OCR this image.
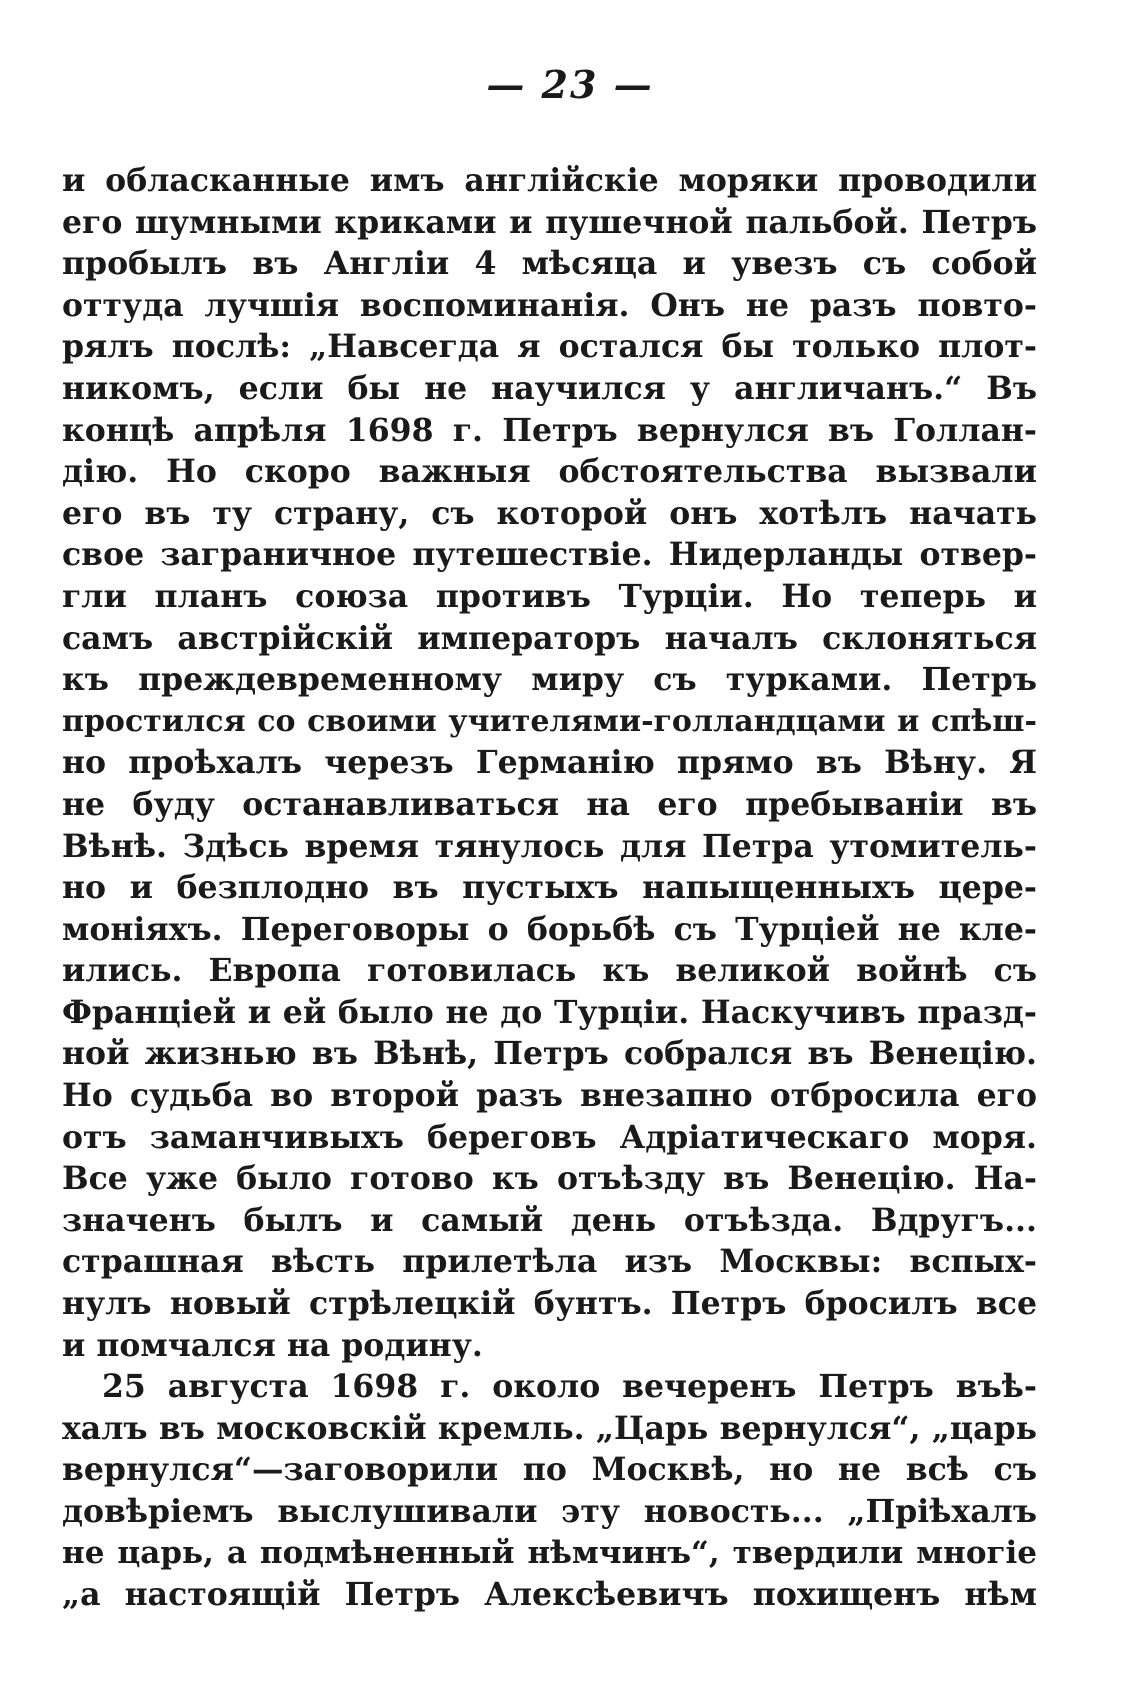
— 23 —
и обласканные имъ англійскіе моряки проводили
его шумными криками и пушечной пальбой. Петръ
пробылъ въ Англіи 4 мѣсяца и увезъ съ собой
оттуда лучшія воспоминанія. Онъ не разъ повто-
рялъ послѣ: „Навсегда я остался бы только плот-
никомъ, если бы не научился у англичанъ.“ Въ
концѣ апрѣля 1698 г. Петръ вернулся въ Голлан-
дію. Но скоро важныя обстоятельства вызвали
его въ ту страну, съ которой онъ хотѣлъ начать
свое заграничное путешествіе. Нидерланды отвер-
гли планъ союза противъ Турціи. Но теперь и
самъ австрійскій императоръ началъ склоняться
къ преждевременному миру съ турками. Петръ
простился со своими учителями-голландцами и спѣш-
но проѣхалъ черезъ Германію прямо въ Вѣну. Я
не буду останавливаться на его пребываніи въ
Вѣнѣ. Здѣсь время тянулось для Петра утомитель-
но и безплодно въ пустыхъ напыщенныхъ цере-
моніяхъ. Переговоры о борьбѣ съ Турціей не кле-
ились. Европа готовилась къ великой войнѣ съ
Франціей и ей было не до Турціи. Наскучивъ празд-
ной жизнью въ Вѣнѣ, Петръ собрался въ Венецію.
Но судьба во второй разъ внезапно отбросила его
отъ заманчивыхъ береговъ Адріатическаго моря.
Все уже было готово къ отъѣзду въ Венецію. На-
значенъ былъ и самый день отъѣзда. Вдругъ...
страшная вѣсть прилетѣла изъ Москвы: вспых-
нулъ новый стрѣлецкій бунтъ. Петръ бросилъ все
и помчался на родину.
25 августа 1698 г. около вечеренъ Петръ въѣ-
халъ въ московскій кремль. „Царь вернулся“, „царь
вернулся“—заговорили по Москвѣ, но не всѣ съ
довѣріемъ выслушивали эту новость... „Пріѣхалъ
не царь, а подмѣненный нѣмчинъ“, твердили многіе
„а настоящій Петръ Алексѣевичъ похищенъ нѣм
